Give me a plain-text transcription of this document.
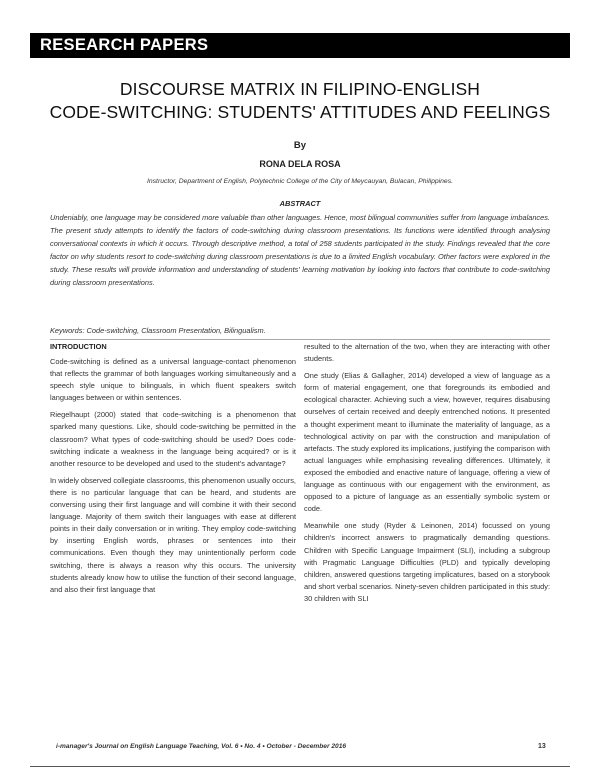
RESEARCH PAPERS
DISCOURSE MATRIX IN FILIPINO-ENGLISH
CODE-SWITCHING: STUDENTS' ATTITUDES AND FEELINGS
By
RONA DELA ROSA
Instructor, Department of English, Polytechnic College of the City of Meycauyan, Bulacan, Philippines.
ABSTRACT

Undeniably, one language may be considered more valuable than other languages. Hence, most bilingual communities suffer from language imbalances. The present study attempts to identify the factors of code-switching during classroom presentations. Its functions were identified through analysing conversational contexts in which it occurs. Through descriptive method, a total of 258 students participated in the study. Findings revealed that the core factor on why students resort to code-switching during classroom presentations is due to a limited English vocabulary. Other factors were explored in the study. These results will provide information and understanding of students' learning motivation by looking into factors that contribute to code-switching during classroom presentations.

Keywords: Code-switching, Classroom Presentation, Bilingualism.

INTRODUCTION

Code-switching is defined as a universal language-contact phenomenon that reflects the grammar of both languages working simultaneously and a speech style unique to bilinguals, in which fluent speakers switch languages between or within sentences.

Riegelhaupt (2000) stated that code-switching is a phenomenon that sparked many questions. Like, should code-switching be permitted in the classroom? What types of code-switching should be used? Does code-switching indicate a weakness in the language being acquired? or is it another resource to be developed and used to the student's advantage?

In widely observed collegiate classrooms, this phenomenon usually occurs, there is no particular language that can be heard, and students are conversing using their first language and will combine it with their second language. Majority of them switch their languages with ease at different points in their daily conversation or in writing. They employ code-switching by inserting English words, phrases or sentences into their communications. Even though they may unintentionally perform code switching, there is always a reason why this occurs. The university students already know how to utilise the function of their second language, and also their first language that

resulted to the alternation of the two, when they are interacting with other students.

One study (Elias & Gallagher, 2014) developed a view of language as a form of material engagement, one that foregrounds its embodied and ecological character. Achieving such a view, however, requires disabusing ourselves of certain received and deeply entrenched notions. It presented a thought experiment meant to illuminate the materiality of language, as a technological activity on par with the construction and manipulation of artefacts. The study explored its implications, justifying the comparison with actual languages while emphasising revealing differences. Ultimately, it exposed the embodied and enactive nature of language, offering a view of language as continuous with our engagement with the environment, as opposed to a picture of language as an essentially symbolic system or code.

Meanwhile one study (Ryder & Leinonen, 2014) focussed on young children's incorrect answers to pragmatically demanding questions. Children with Specific Language Impairment (SLI), including a subgroup with Pragmatic Language Difficulties (PLD) and typically developing children, answered questions targeting implicatures, based on a storybook and short verbal scenarios. Ninety-seven children participated in this study: 30 children with SLI

i-manager's Journal on English Language Teaching, Vol. 6 • No. 4 • October - December 2016	13
